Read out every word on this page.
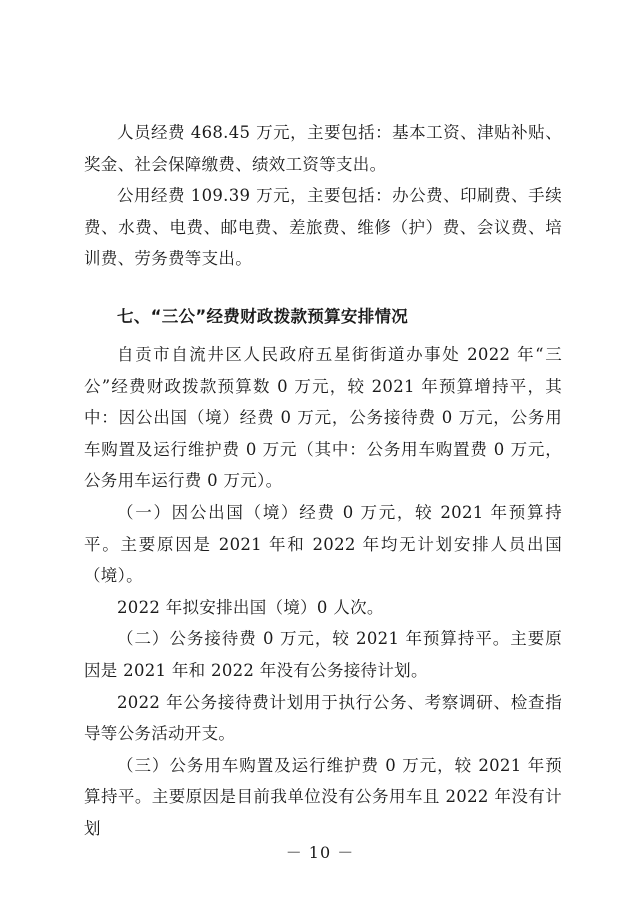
人员经费 468.45 万元，主要包括：基本工资、津贴补贴、奖金、社会保障缴费、绩效工资等支出。

公用经费 109.39 万元，主要包括：办公费、印刷费、手续费、水费、电费、邮电费、差旅费、维修（护）费、会议费、培训费、劳务费等支出。

七、“三公”经费财政拨款预算安排情况

自贡市自流井区人民政府五星街街道办事处 2022 年“三公”经费财政拨款预算数 0 万元，较 2021 年预算增持平，其中：因公出国（境）经费 0 万元，公务接待费 0 万元，公务用车购置及运行维护费 0 万元（其中：公务用车购置费 0 万元，公务用车运行费 0 万元）。

（一）因公出国（境）经费 0 万元，较 2021 年预算持平。主要原因是 2021 年和 2022 年均无计划安排人员出国（境）。

2022 年拟安排出国（境）0 人次。

（二）公务接待费 0 万元，较 2021 年预算持平。主要原因是 2021 年和 2022 年没有公务接待计划。

2022 年公务接待费计划用于执行公务、考察调研、检查指导等公务活动开支。

（三）公务用车购置及运行维护费 0 万元，较 2021 年预算持平。主要原因是目前我单位没有公务用车且 2022 年没有计划

－ 10 －
